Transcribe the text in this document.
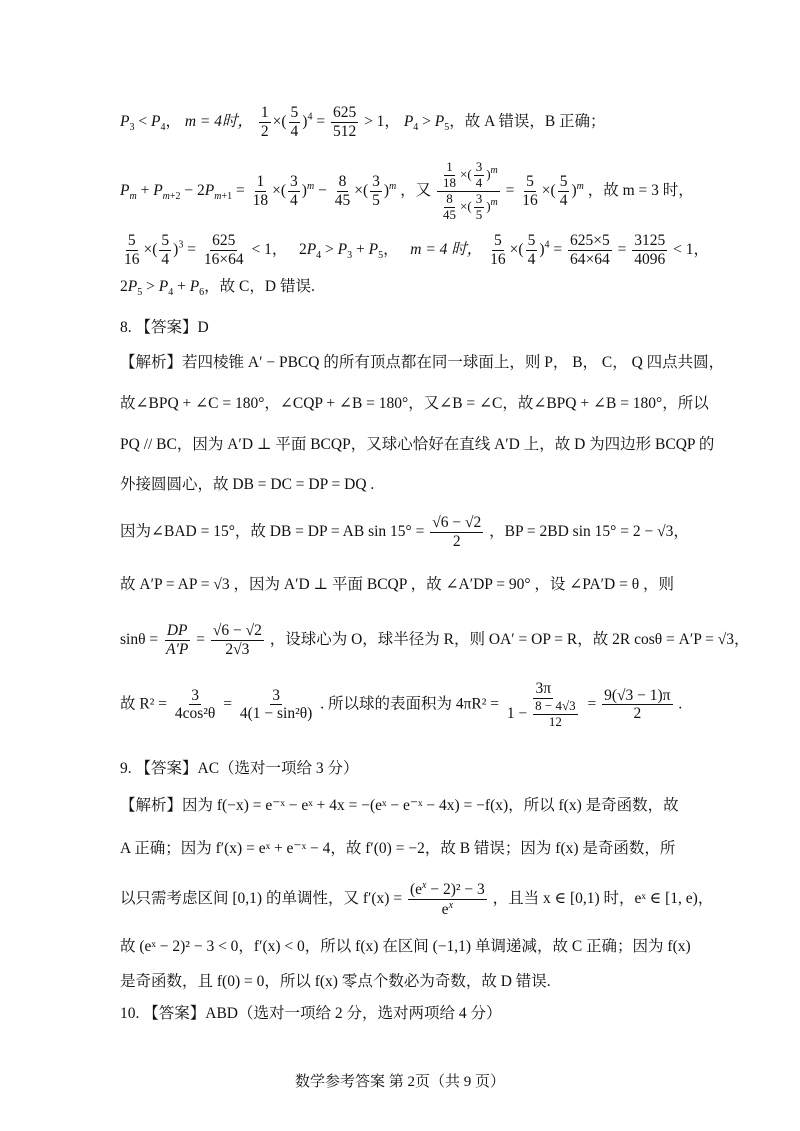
$P_3 < P_4$， m = 4时， $\frac{1}{2}$ ×( $\frac{5}{4} )^4 = \frac{625}{512} > 1$， $P_4 > P_5$，故 A 错误，B 正确；
$P_m + P_{m+2} - 2P_{m+1} = \frac{1}{18}$ ×( $\frac{3}{4} )^m - \frac{8}{45}$ ×( $\frac{3}{5} )^m$ ，又 $\frac{\frac{1}{18} \times( \frac{3}{4} )^m}{\frac{8}{45} \times( \frac{3}{5} )^m} = \frac{5}{16}$ ×( $\frac{5}{4} )^m$ ，故 m = 3 时，
$\frac{5}{16}$ ×( $\frac{5}{4} )^3 = \frac{625}{16\times 64} < 1$，   $2P_4 > P_3 + P_5$，   m = 4 时， $\frac{5}{16}$ ×( $\frac{5}{4} )^4 = \frac{625\times 5}{64\times 64} = \frac{3125}{4096} < 1$，
$2P_5 > P_4 + P_6$，故 C，D 错误.
8. 【答案】D
【解析】若四棱锥 A′ − PBCQ 的所有顶点都在同一球面上，则 P， B， C， Q 四点共圆，
故∠BPQ + ∠C = 180°，∠CQP + ∠B = 180°，又∠B = ∠C，故∠BPQ + ∠B = 180°，所以
PQ // BC，因为 A′D ⊥ 平面 BCQP，又球心恰好在直线 A′D 上，故 D 为四边形 BCQP 的
外接圆圆心，故 DB = DC = DP = DQ .
因为∠BAD = 15°，故 DB = DP = AB $\sin 15^\circ = \frac{√6 - √2}{2}$ ，BP = 2BD sin 15° = 2 − √3，
故 A′P = AP = √3 ，因为 A′D ⊥ 平面 BCQP ，故 ∠A′DP = 90° ，设 ∠PA′D = θ ，则
$\sin\theta = \frac{DP}{A'P} = \frac{√6 - √2}{2√3}$ ，设球心为 O，球半径为 R，则 OA′ = OP = R，故 2R cosθ = A′P = √3，
故 $R^2 = \frac{3}{\text{4cos²θ}} = \frac{3}{\text{4(1 − sin²θ)}}$ . 所以球的表面积为 $4\pi R^2 = \frac{3\pi}{1 - \frac{8 - 4√3}{12}} = \frac{9(√3 - 1)\pi}{2}$ .
9. 【答案】AC（选对一项给 3 分）
【解析】因为 f(−x) = e⁻ˣ − eˣ + 4x = −(eˣ − e⁻ˣ − 4x) = −f(x)，所以 f(x) 是奇函数，故
A 正确；因为 f′(x) = eˣ + e⁻ˣ − 4，故 f′(0) = −2，故 B 错误；因为 f(x) 是奇函数，所
以只需考虑区间 [0,1) 的单调性，又 $f'(x) = \frac{(e^x - 2)^2 - 3}{e^x}$ ，且当 x ∈ [0,1) 时，eˣ ∈ [1, e)，
故 (eˣ − 2)² − 3 < 0，f′(x) < 0，所以 f(x) 在区间 (−1,1) 单调递减，故 C 正确；因为 f(x)
是奇函数，且 f(0) = 0，所以 f(x) 零点个数必为奇数，故 D 错误.
10. 【答案】ABD（选对一项给 2 分，选对两项给 4 分）
数学参考答案 第 2页（共 9 页）
